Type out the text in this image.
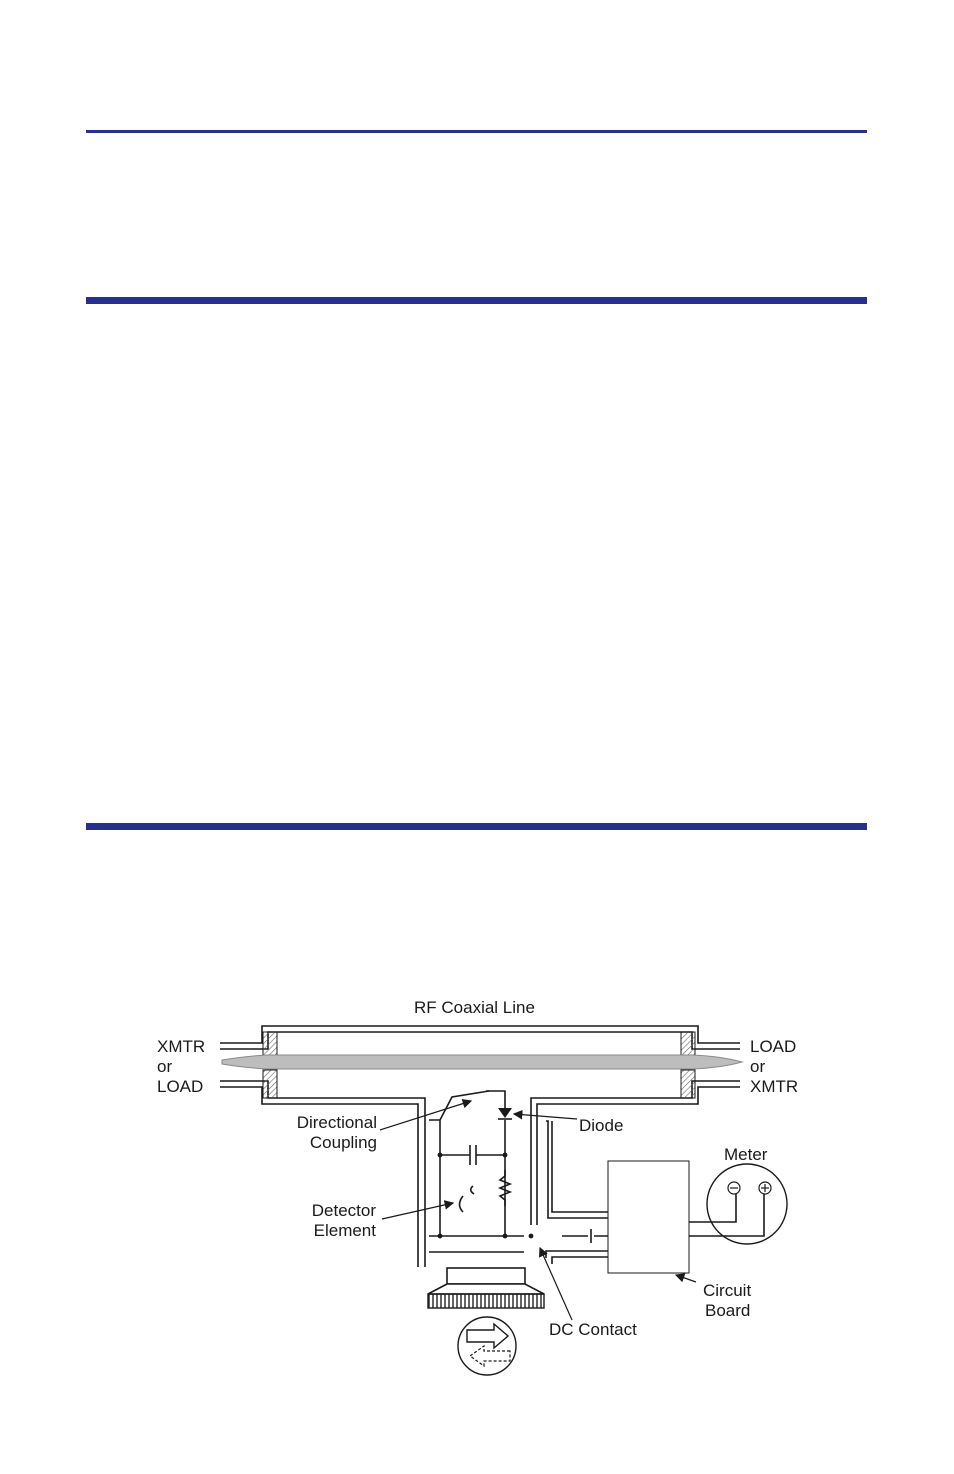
RF Coaxial Line
XMTR
or
LOAD
LOAD
or
XMTR
Directional
Coupling
Diode
Meter
Detector
Element
Circuit
Board
DC Contact
